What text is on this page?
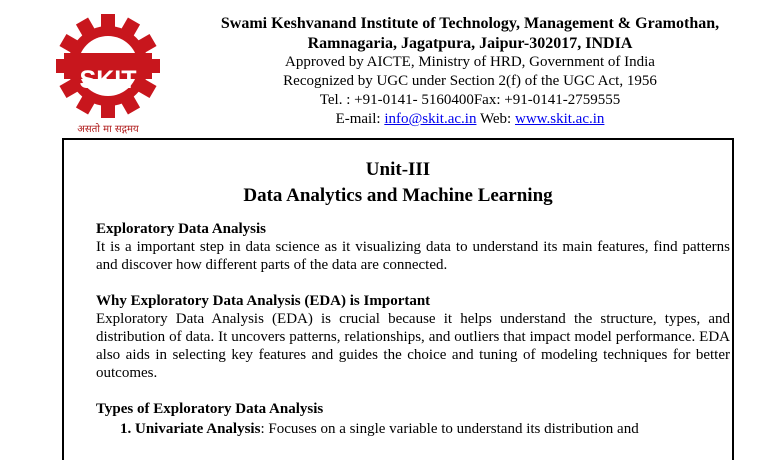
SKIT
असतो मा सद्गमय
Swami Keshvanand Institute of Technology, Management & Gramothan,
Ramnagaria, Jagatpura, Jaipur-302017, INDIA
Approved by AICTE, Ministry of HRD, Government of India
Recognized by UGC under Section 2(f) of the UGC Act, 1956
Tel. : +91-0141- 5160400Fax: +91-0141-2759555
E-mail: info@skit.ac.in Web: www.skit.ac.in
Unit-III
Data Analytics and Machine Learning
Exploratory Data Analysis

It is a important step in data science as it visualizing data to understand its main features, find patterns and discover how different parts of the data are connected.

Why Exploratory Data Analysis (EDA) is Important

Exploratory Data Analysis (EDA) is crucial because it helps understand the structure, types, and distribution of data. It uncovers patterns, relationships, and outliers that impact model performance. EDA also aids in selecting key features and guides the choice and tuning of modeling techniques for better outcomes.

Types of Exploratory Data Analysis
1. Univariate Analysis: Focuses on a single variable to understand its distribution and
